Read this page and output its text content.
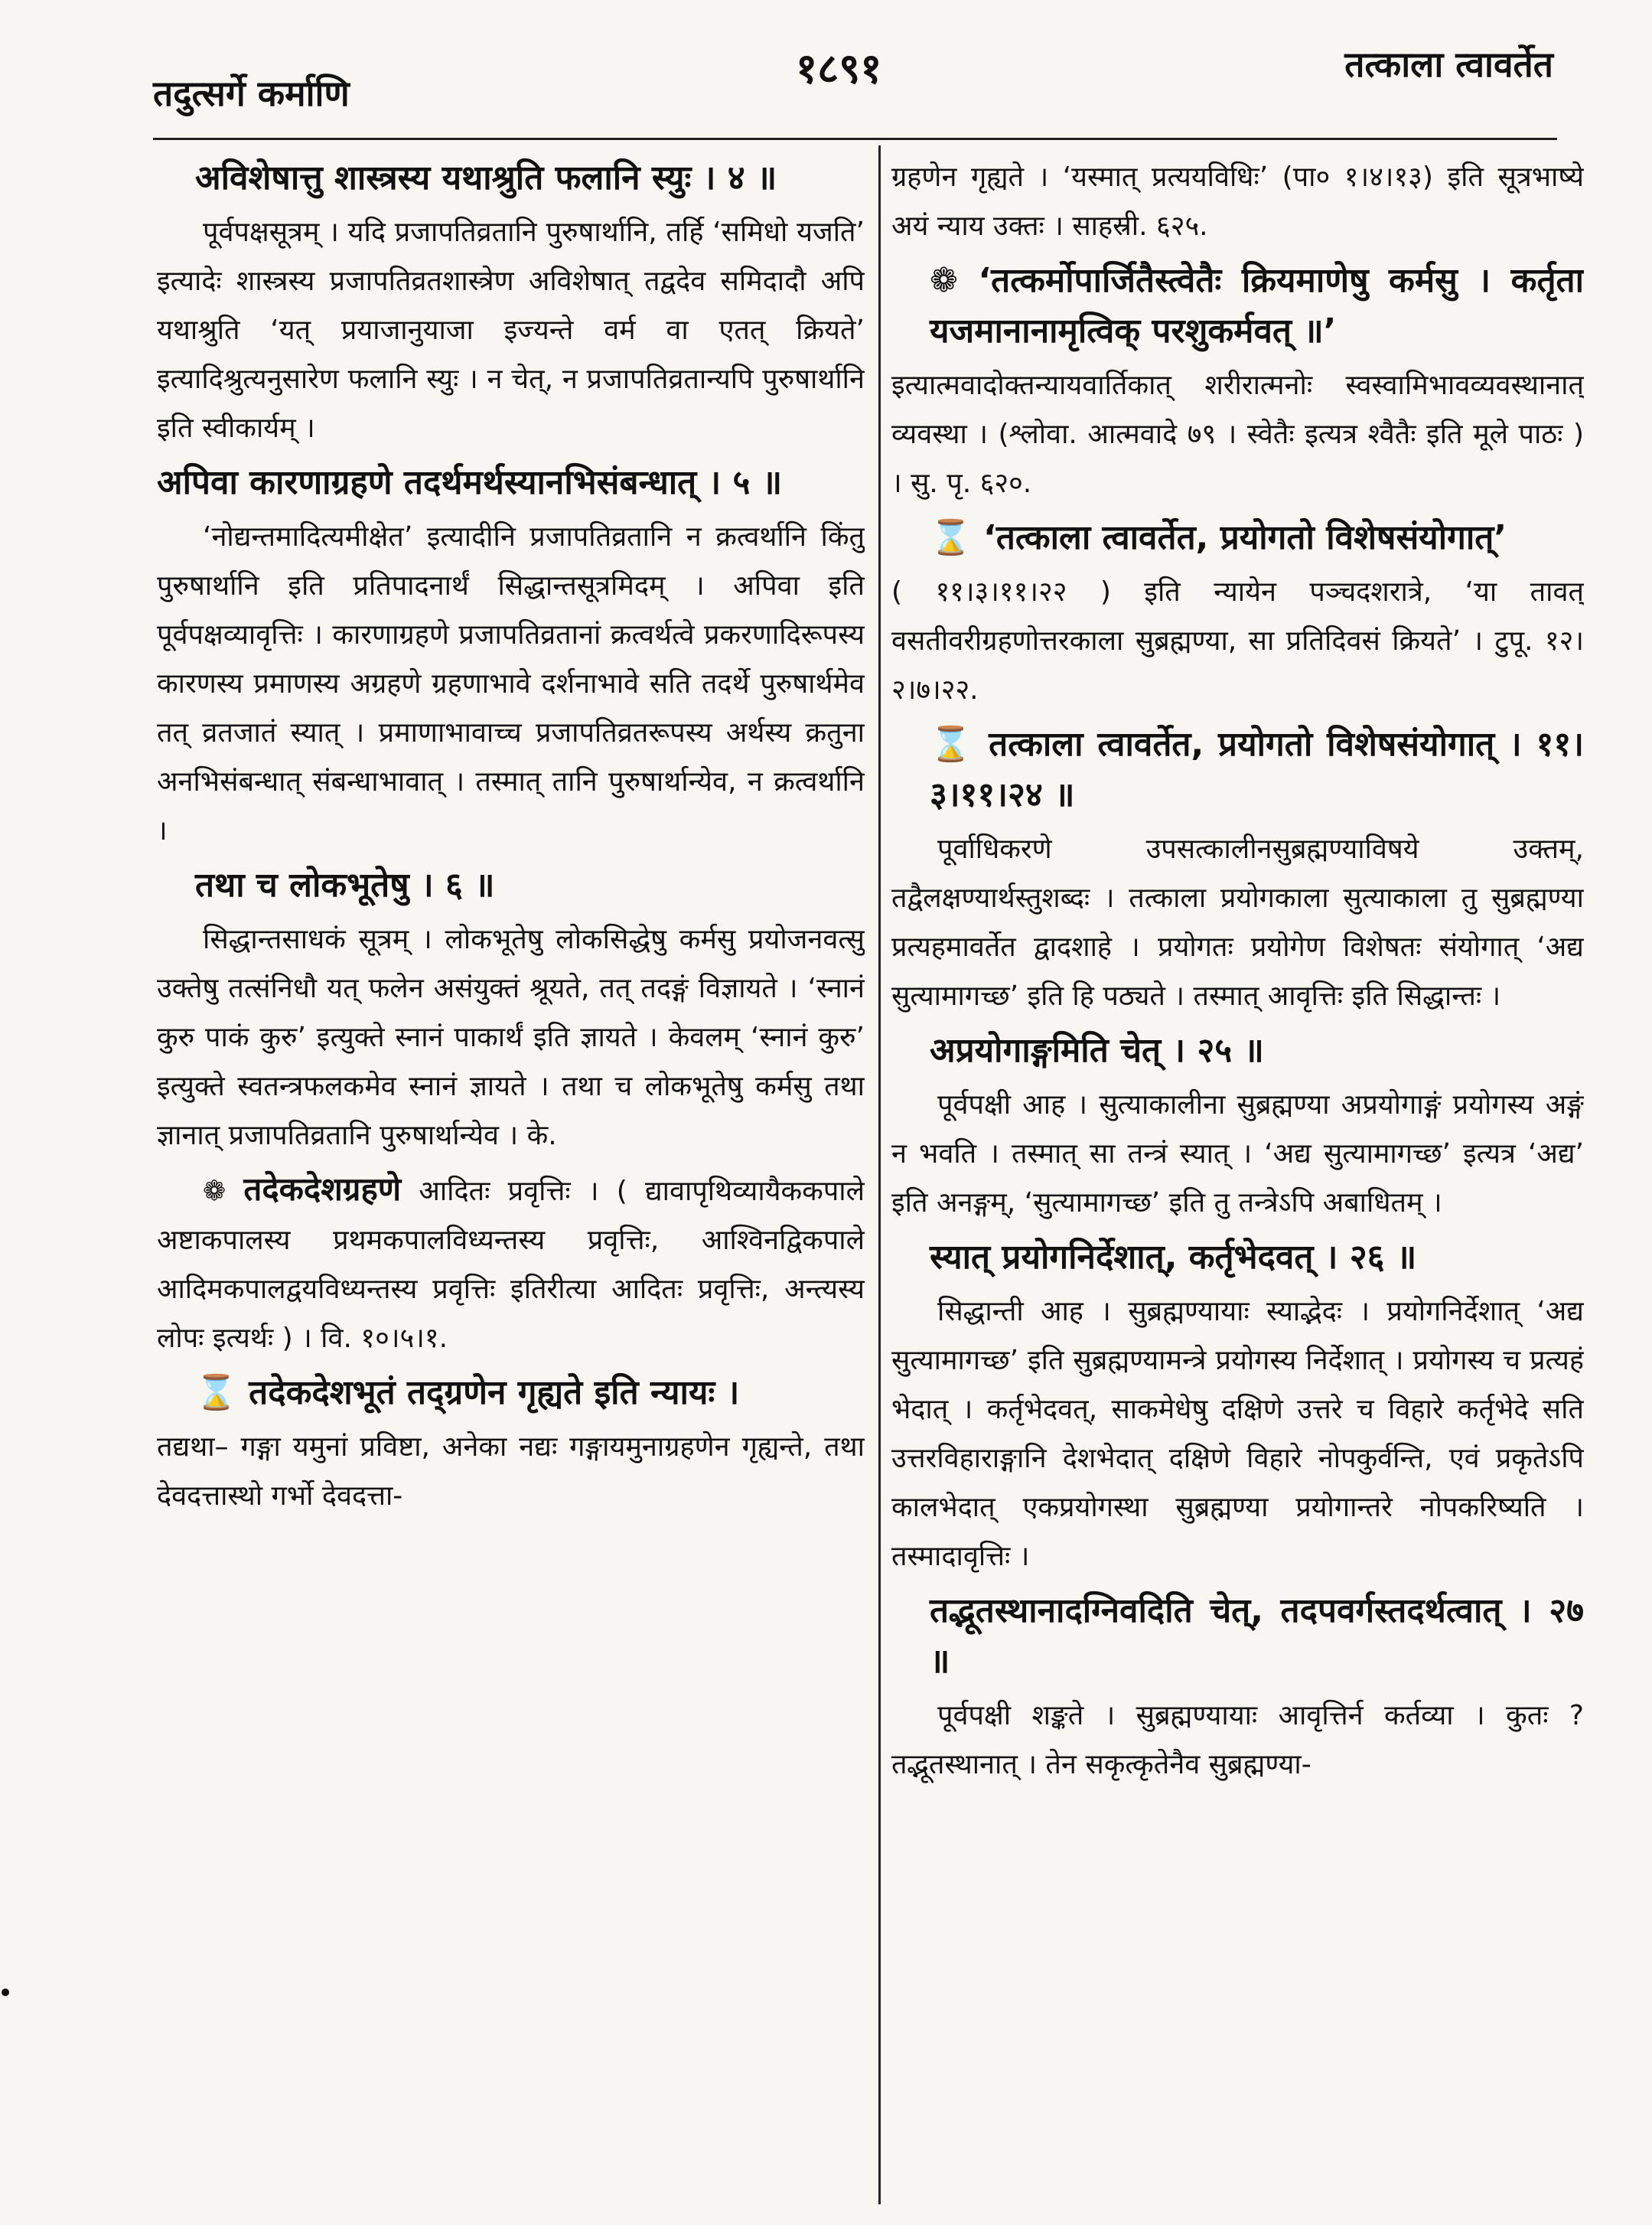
तदुत्सर्गे कर्माणि
१८९१	तत्काला त्वावर्तेत
अविशेषात्तु शास्त्रस्य यथाश्रुति फलानि स्युः । ४ ॥
पूर्वपक्षसूत्रम् । यदि प्रजापतिव्रतानि पुरुषार्थानि, तर्हि ‘समिधो यजति’ इत्यादेः शास्त्रस्य प्रजापतिव्रतशास्त्रेण अविशेषात् तद्वदेव समिदादौ अपि यथाश्रुति ‘यत् प्रयाजानुयाजा इज्यन्ते वर्म वा एतत् क्रियते’ इत्यादिश्रुत्यनुसारेण फलानि स्युः । न चेत्, न प्रजापतिव्रतान्यपि पुरुषार्थानि इति स्वीकार्यम् ।
अपिवा कारणाग्रहणे तदर्थमर्थस्यानभिसंबन्धात् । ५ ॥
‘नोद्यन्तमादित्यमीक्षेत’ इत्यादीनि प्रजापतिव्रतानि न क्रत्वर्थानि किंतु पुरुषार्थानि इति प्रतिपादनार्थं सिद्धान्तसूत्रमिदम् । अपिवा इति पूर्वपक्षव्यावृत्तिः । कारणाग्रहणे प्रजापतिव्रतानां क्रत्वर्थत्वे प्रकरणादिरूपस्य कारणस्य प्रमाणस्य अग्रहणे ग्रहणाभावे दर्शनाभावे सति तदर्थे पुरुषार्थमेव तत् व्रतजातं स्यात् । प्रमाणाभावाच्च प्रजापतिव्रतरूपस्य अर्थस्य क्रतुना अनभिसंबन्धात् संबन्धाभावात् । तस्मात् तानि पुरुषार्थान्येव, न क्रत्वर्थानि ।
तथा च लोकभूतेषु । ६ ॥
सिद्धान्तसाधकं सूत्रम् । लोकभूतेषु लोकसिद्धेषु कर्मसु प्रयोजनवत्सु उक्तेषु तत्संनिधौ यत् फलेन असंयुक्तं श्रूयते, तत् तदङ्गं विज्ञायते । ‘स्नानं कुरु पाकं कुरु’ इत्युक्ते स्नानं पाकार्थं इति ज्ञायते । केवलम् ‘स्नानं कुरु’ इत्युक्ते स्वतन्त्रफलकमेव स्नानं ज्ञायते । तथा च लोकभूतेषु कर्मसु तथा ज्ञानात् प्रजापतिव्रतानि पुरुषार्थान्येव । के.
❁ तदेकदेशग्रहणे आदितः प्रवृत्तिः । ( द्यावापृथिव्यायैककपाले अष्टाकपालस्य प्रथमकपालविध्यन्तस्य प्रवृत्तिः, आश्विनद्विकपाले आदिमकपालद्वयविध्यन्तस्य प्रवृत्तिः इतिरीत्या आदितः प्रवृत्तिः, अन्त्यस्य लोपः इत्यर्थः ) । वि. १०।५।१.
⌛ तदेकदेशभूतं तद्ग्रणेन गृह्यते इति न्यायः ।
तद्यथा– गङ्गा यमुनां प्रविष्टा, अनेका नद्यः गङ्गायमुनाग्रहणेन गृह्यन्ते, तथा देवदत्तास्थो गर्भो देवदत्ता-
ग्रहणेन गृह्यते । ‘यस्मात् प्रत्ययविधिः’ (पा० १।४।१३) इति सूत्रभाष्ये अयं न्याय उक्तः । साहस्री. ६२५.
❁ ‘तत्कर्मोपार्जितैस्त्वेतैः क्रियमाणेषु कर्मसु । कर्तृता यजमानानामृत्विक् परशुकर्मवत् ॥’
इत्यात्मवादोक्तन्यायवार्तिकात् शरीरात्मनोः स्वस्वामिभावव्यवस्थानात् व्यवस्था । (श्लोवा. आत्मवादे ७९ । स्वेतैः इत्यत्र श्वैतैः इति मूले पाठः ) । सु. पृ. ६२०.
⌛ ‘तत्काला त्वावर्तेत, प्रयोगतो विशेषसंयोगात्’
( ११।३।११।२२ ) इति न्यायेन पञ्चदशरात्रे, ‘या तावत् वसतीवरीग्रहणोत्तरकाला सुब्रह्मण्या, सा प्रतिदिवसं क्रियते’ । टुपू. १२।२।७।२२.
⌛ तत्काला त्वावर्तेत, प्रयोगतो विशेषसंयोगात् । ११।३।११।२४ ॥
पूर्वाधिकरणे उपसत्कालीनसुब्रह्मण्याविषये उक्तम्, तद्वैलक्षण्यार्थस्तुशब्दः । तत्काला प्रयोगकाला सुत्याकाला तु सुब्रह्मण्या प्रत्यहमावर्तेत द्वादशाहे । प्रयोगतः प्रयोगेण विशेषतः संयोगात् ‘अद्य सुत्यामागच्छ’ इति हि पठ्यते । तस्मात् आवृत्तिः इति सिद्धान्तः ।
अप्रयोगाङ्गमिति चेत् । २५ ॥
पूर्वपक्षी आह । सुत्याकालीना सुब्रह्मण्या अप्रयोगाङ्गं प्रयोगस्य अङ्गं न भवति । तस्मात् सा तन्त्रं स्यात् । ‘अद्य सुत्यामागच्छ’ इत्यत्र ‘अद्य’ इति अनङ्गम्, ‘सुत्यामागच्छ’ इति तु तन्त्रेऽपि अबाधितम् ।
स्यात् प्रयोगनिर्देशात्, कर्तृभेदवत् । २६ ॥
सिद्धान्ती आह । सुब्रह्मण्यायाः स्याद्भेदः । प्रयोगनिर्देशात् ‘अद्य सुत्यामागच्छ’ इति सुब्रह्मण्यामन्त्रे प्रयोगस्य निर्देशात् । प्रयोगस्य च प्रत्यहं भेदात् । कर्तृभेदवत्, साकमेधेषु दक्षिणे उत्तरे च विहारे कर्तृभेदे सति उत्तरविहाराङ्गानि देशभेदात् दक्षिणे विहारे नोपकुर्वन्ति, एवं प्रकृतेऽपि कालभेदात् एकप्रयोगस्था सुब्रह्मण्या प्रयोगान्तरे नोपकरिष्यति । तस्मादावृत्तिः ।
तद्भूतस्थानादग्निवदिति चेत्, तदपवर्गस्तदर्थत्वात् । २७ ॥
पूर्वपक्षी शङ्कते । सुब्रह्मण्यायाः आवृत्तिर्न कर्तव्या । कुतः ? तद्भूतस्थानात् । तेन सकृत्कृतेनैव सुब्रह्मण्या-
